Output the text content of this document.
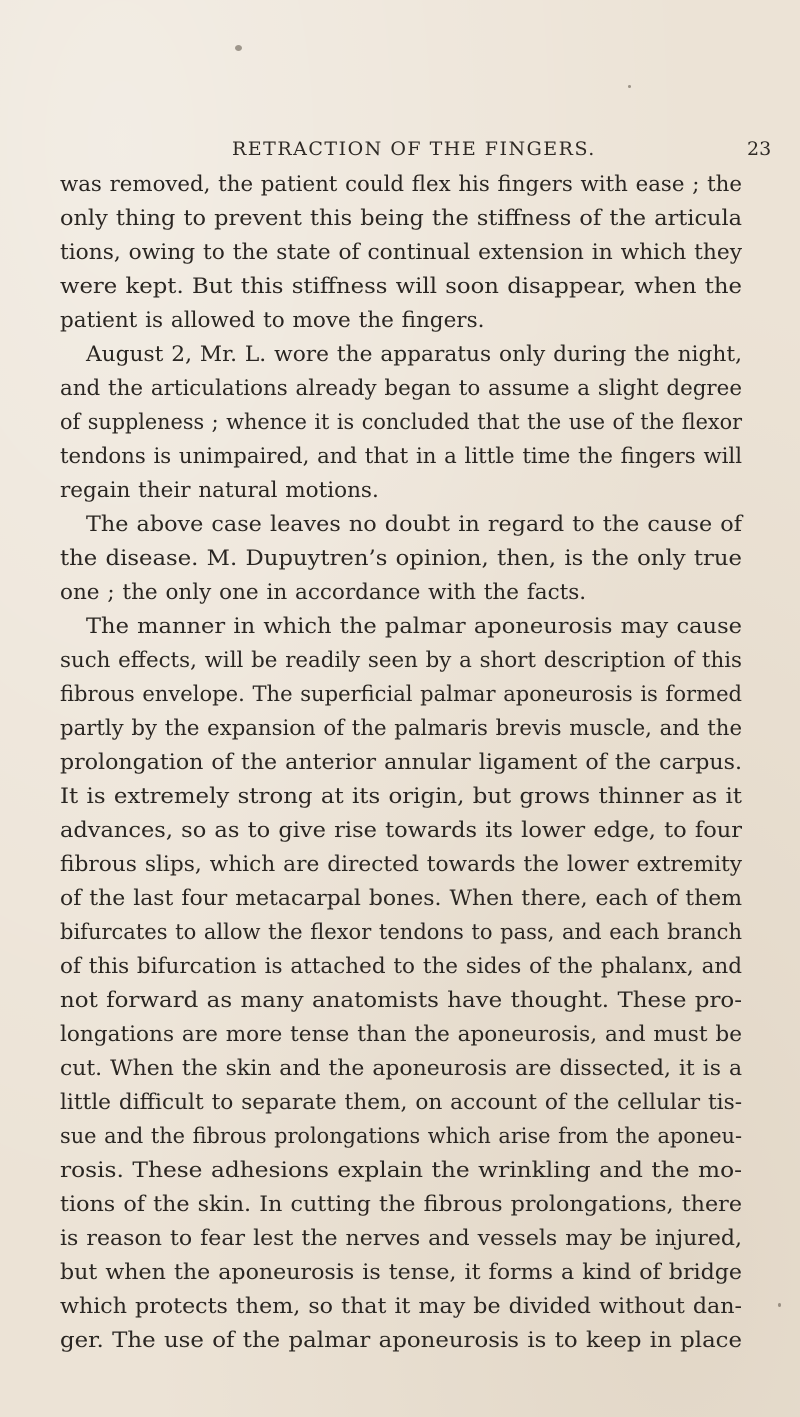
RETRACTION OF THE FINGERS.	23

was removed, the patient could flex his fingers with ease ; the

only thing to prevent this being the stiffness of the articula

tions, owing to the state of continual extension in which they

were kept. But this stiffness will soon disappear, when the

patient is allowed to move the fingers.

August 2, Mr. L. wore the apparatus only during the night,

and the articulations already began to assume a slight degree

of suppleness ; whence it is concluded that the use of the flexor

tendons is unimpaired, and that in a little time the fingers will

regain their natural motions.

The above case leaves no doubt in regard to the cause of

the disease. M. Dupuytren’s opinion, then, is the only true

one ; the only one in accordance with the facts.

The manner in which the palmar aponeurosis may cause

such effects, will be readily seen by a short description of this

fibrous envelope. The superficial palmar aponeurosis is formed

partly by the expansion of the palmaris brevis muscle, and the

prolongation of the anterior annular ligament of the carpus.

It is extremely strong at its origin, but grows thinner as it

advances, so as to give rise towards its lower edge, to four

fibrous slips, which are directed towards the lower extremity

of the last four metacarpal bones. When there, each of them

bifurcates to allow the flexor tendons to pass, and each branch

of this bifurcation is attached to the sides of the phalanx, and

not forward as many anatomists have thought. These pro-

longations are more tense than the aponeurosis, and must be

cut. When the skin and the aponeurosis are dissected, it is a

little difficult to separate them, on account of the cellular tis-

sue and the fibrous prolongations which arise from the aponeu-

rosis. These adhesions explain the wrinkling and the mo-

tions of the skin. In cutting the fibrous prolongations, there

is reason to fear lest the nerves and vessels may be injured,

but when the aponeurosis is tense, it forms a kind of bridge

which protects them, so that it may be divided without dan-

ger. The use of the palmar aponeurosis is to keep in place
